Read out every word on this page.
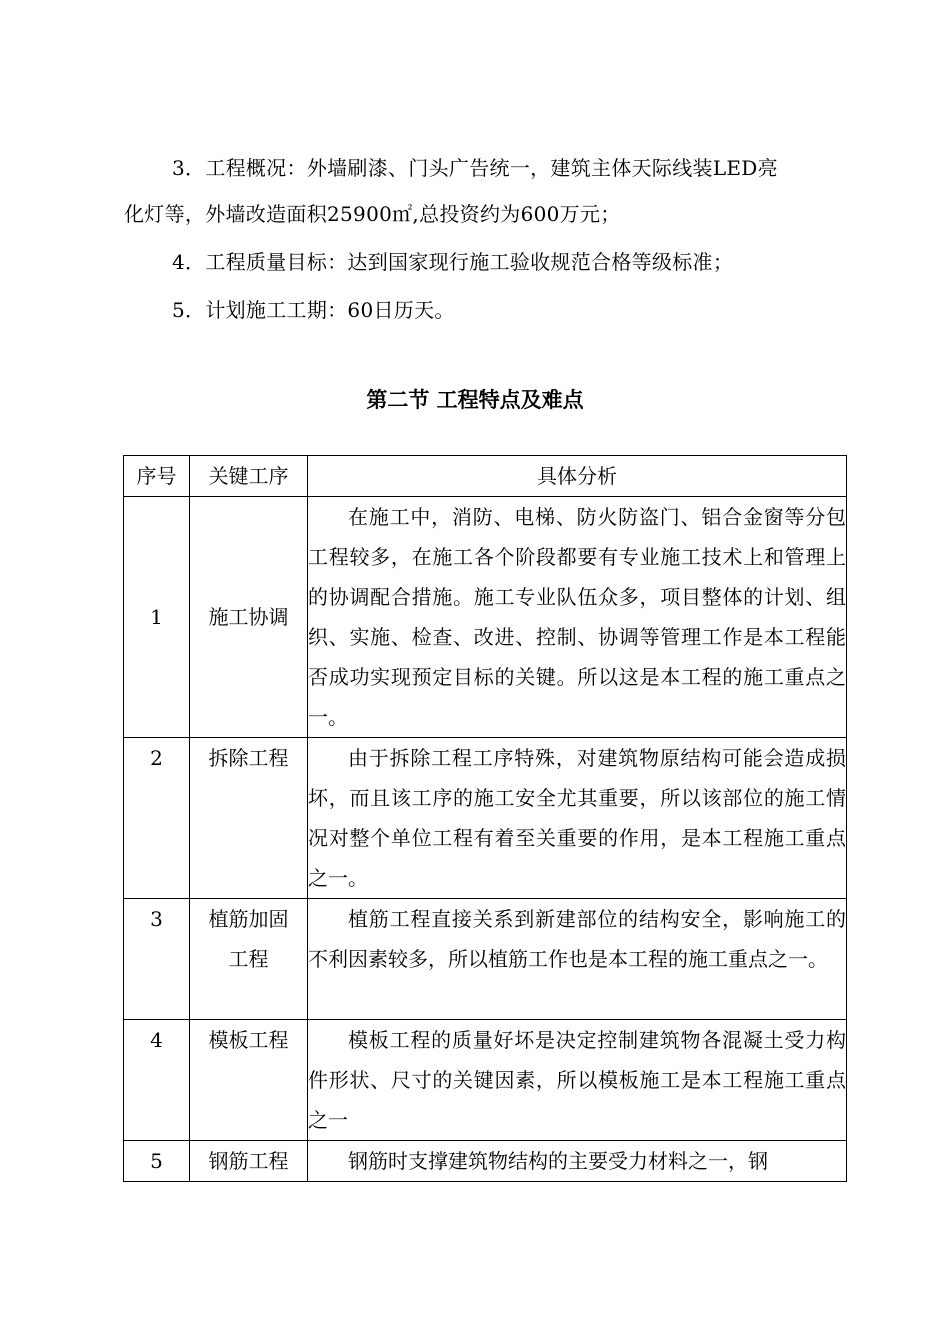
3．工程概况：外墙刷漆、门头广告统一，建筑主体天际线装LED亮
化灯等，外墙改造面积25900㎡,总投资约为600万元；
4．工程质量目标：达到国家现行施工验收规范合格等级标准；
5．计划施工工期：60日历天。
第二节 工程特点及难点
序号	关键工序	具体分析
1	施工协调	在施工中，消防、电梯、防火防盗门、铝合金窗等分包工程较多，在施工各个阶段都要有专业施工技术上和管理上的协调配合措施。施工专业队伍众多，项目整体的计划、组织、实施、检查、改进、控制、协调等管理工作是本工程能否成功实现预定目标的关键。所以这是本工程的施工重点之一。
2	拆除工程	由于拆除工程工序特殊，对建筑物原结构可能会造成损坏，而且该工序的施工安全尤其重要，所以该部位的施工情况对整个单位工程有着至关重要的作用，是本工程施工重点之一。
3	植筋加固工程	植筋工程直接关系到新建部位的结构安全，影响施工的不利因素较多，所以植筋工作也是本工程的施工重点之一。
4	模板工程	模板工程的质量好坏是决定控制建筑物各混凝土受力构件形状、尺寸的关键因素，所以模板施工是本工程施工重点之一
5	钢筋工程	钢筋时支撑建筑物结构的主要受力材料之一，钢
